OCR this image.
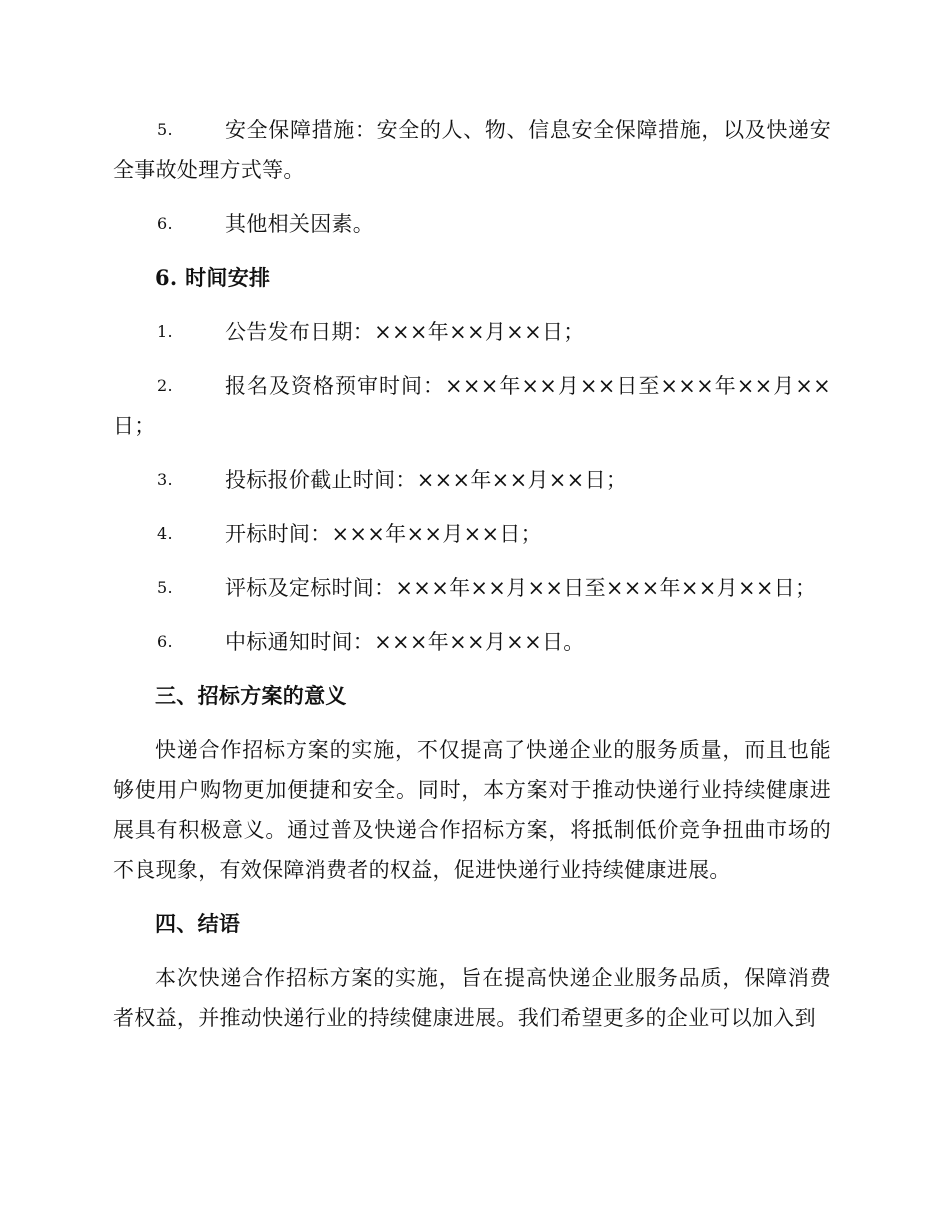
5. 安全保障措施：安全的人、物、信息安全保障措施，以及快递安全事故处理方式等。
6. 其他相关因素。
6. 时间安排
1. 公告发布日期：×××年××月××日；
2. 报名及资格预审时间：×××年××月××日至×××年××月××日；
3. 投标报价截止时间：×××年××月××日；
4. 开标时间：×××年××月××日；
5. 评标及定标时间：×××年××月××日至×××年××月××日；
6. 中标通知时间：×××年××月××日。
三、招标方案的意义
快递合作招标方案的实施，不仅提高了快递企业的服务质量，而且也能够使用户购物更加便捷和安全。同时，本方案对于推动快递行业持续健康进展具有积极意义。通过普及快递合作招标方案，将抵制低价竞争扭曲市场的不良现象，有效保障消费者的权益，促进快递行业持续健康进展。
四、结语
本次快递合作招标方案的实施，旨在提高快递企业服务品质，保障消费者权益，并推动快递行业的持续健康进展。我们希望更多的企业可以加入到
